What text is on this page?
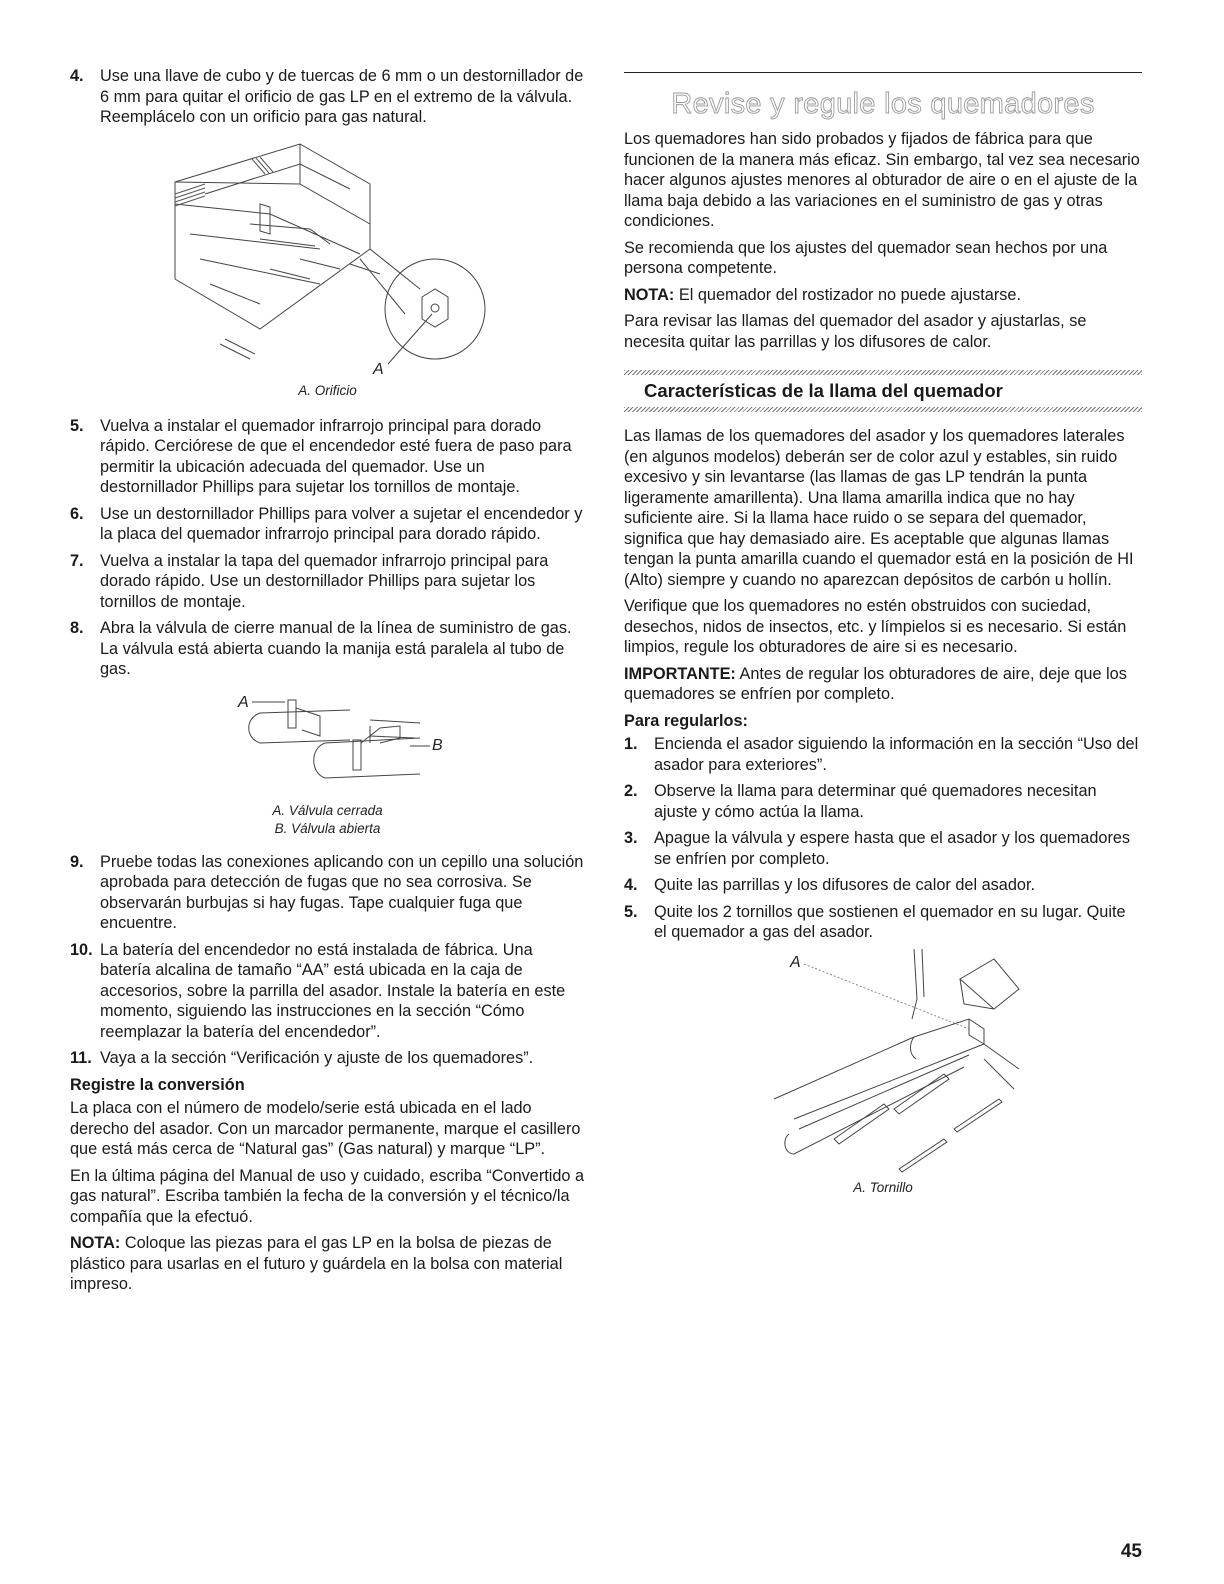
4. Use una llave de cubo y de tuercas de 6 mm o un destornillador de 6 mm para quitar el orificio de gas LP en el extremo de la válvula. Reemplácelo con un orificio para gas natural.
A
A. Orificio
5. Vuelva a instalar el quemador infrarrojo principal para dorado rápido. Cerciórese de que el encendedor esté fuera de paso para permitir la ubicación adecuada del quemador. Use un destornillador Phillips para sujetar los tornillos de montaje.
6. Use un destornillador Phillips para volver a sujetar el encendedor y la placa del quemador infrarrojo principal para dorado rápido.
7. Vuelva a instalar la tapa del quemador infrarrojo principal para dorado rápido. Use un destornillador Phillips para sujetar los tornillos de montaje.
8. Abra la válvula de cierre manual de la línea de suministro de gas. La válvula está abierta cuando la manija está paralela al tubo de gas.
A
B
A. Válvula cerrada
B. Válvula abierta
9. Pruebe todas las conexiones aplicando con un cepillo una solución aprobada para detección de fugas que no sea corrosiva. Se observarán burbujas si hay fugas. Tape cualquier fuga que encuentre.
10. La batería del encendedor no está instalada de fábrica. Una batería alcalina de tamaño “AA” está ubicada en la caja de accesorios, sobre la parrilla del asador. Instale la batería en este momento, siguiendo las instrucciones en la sección “Cómo reemplazar la batería del encendedor”.
11. Vaya a la sección “Verificación y ajuste de los quemadores”.
Registre la conversión

La placa con el número de modelo/serie está ubicada en el lado derecho del asador. Con un marcador permanente, marque el casillero que está más cerca de “Natural gas” (Gas natural) y marque “LP”.

En la última página del Manual de uso y cuidado, escriba “Convertido a gas natural”. Escriba también la fecha de la conversión y el técnico/la compañía que la efectuó.

NOTA: Coloque las piezas para el gas LP en la bolsa de piezas de plástico para usarlas en el futuro y guárdela en la bolsa con material impreso.

Revise y regule los quemadores

Los quemadores han sido probados y fijados de fábrica para que funcionen de la manera más eficaz. Sin embargo, tal vez sea necesario hacer algunos ajustes menores al obturador de aire o en el ajuste de la llama baja debido a las variaciones en el suministro de gas y otras condiciones.

Se recomienda que los ajustes del quemador sean hechos por una persona competente.

NOTA: El quemador del rostizador no puede ajustarse.

Para revisar las llamas del quemador del asador y ajustarlas, se necesita quitar las parrillas y los difusores de calor.

Características de la llama del quemador

Las llamas de los quemadores del asador y los quemadores laterales (en algunos modelos) deberán ser de color azul y estables, sin ruido excesivo y sin levantarse (las llamas de gas LP tendrán la punta ligeramente amarillenta). Una llama amarilla indica que no hay suficiente aire. Si la llama hace ruido o se separa del quemador, significa que hay demasiado aire. Es aceptable que algunas llamas tengan la punta amarilla cuando el quemador está en la posición de HI (Alto) siempre y cuando no aparezcan depósitos de carbón u hollín.

Verifique que los quemadores no estén obstruidos con suciedad, desechos, nidos de insectos, etc. y límpielos si es necesario. Si están limpios, regule los obturadores de aire si es necesario.

IMPORTANTE: Antes de regular los obturadores de aire, deje que los quemadores se enfríen por completo.

Para regularlos:
1. Encienda el asador siguiendo la información en la sección “Uso del asador para exteriores”.
2. Observe la llama para determinar qué quemadores necesitan ajuste y cómo actúa la llama.
3. Apague la válvula y espere hasta que el asador y los quemadores se enfríen por completo.
4. Quite las parrillas y los difusores de calor del asador.
5. Quite los 2 tornillos que sostienen el quemador en su lugar. Quite el quemador a gas del asador.
A
A. Tornillo
45
